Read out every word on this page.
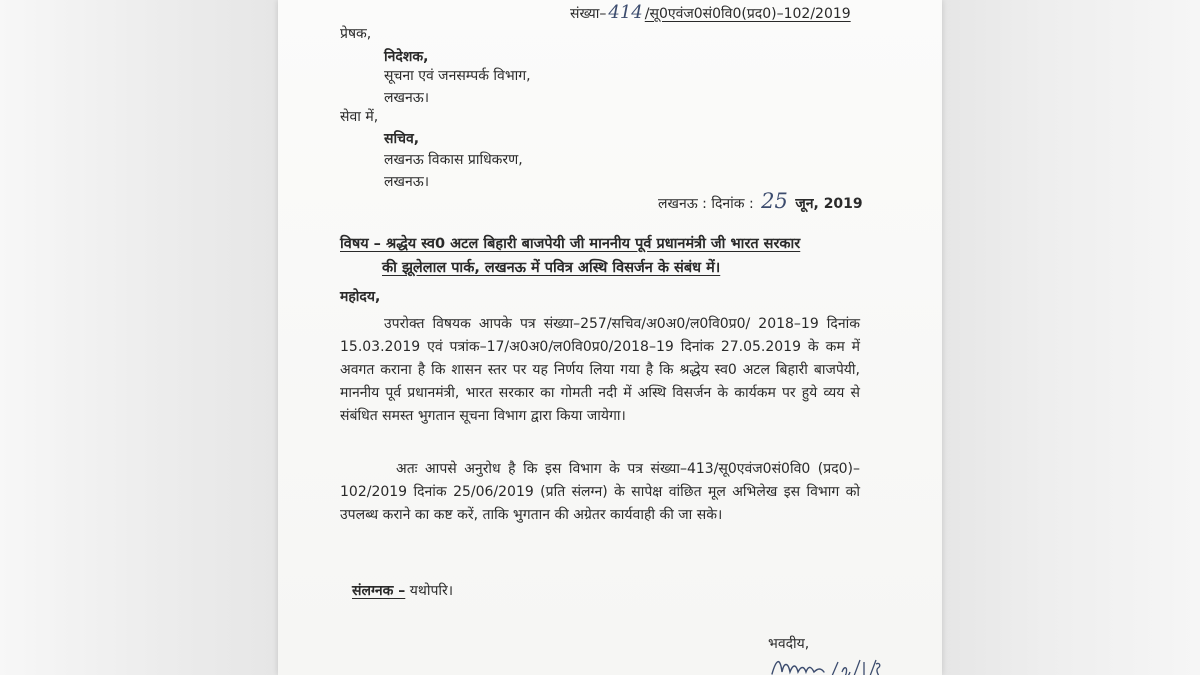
संख्या– 414 /सू0एवंज0सं0वि0(प्रद0)–102/2019
प्रेषक,
निदेशक,
सूचना एवं जनसम्पर्क विभाग,
लखनऊ।
सेवा में,
सचिव,
लखनऊ विकास प्राधिकरण,
लखनऊ।
लखनऊ : दिनांक : 25 जून, 2019
विषय – श्रद्धेय स्व0 अटल बिहारी बाजपेयी जी माननीय पूर्व प्रधानमंत्री जी भारत सरकार
की झूलेलाल पार्क, लखनऊ में पवित्र अस्थि विसर्जन के संबंध में।
महोदय,
उपरोक्त विषयक आपके पत्र संख्या–257/सचिव/अ0अ0/ल0वि0प्र0/ 2018–19 दिनांक 15.03.2019 एवं पत्रांक–17/अ0अ0/ल0वि0प्र0/2018–19 दिनांक 27.05.2019 के कम में अवगत कराना है कि शासन स्तर पर यह निर्णय लिया गया है कि श्रद्धेय स्व0 अटल बिहारी बाजपेयी, माननीय पूर्व प्रधानमंत्री, भारत सरकार का गोमती नदी में अस्थि विसर्जन के कार्यकम पर हुये व्यय से संबंधित समस्त भुगतान सूचना विभाग द्वारा किया जायेगा।
अतः आपसे अनुरोध है कि इस विभाग के पत्र संख्या–413/सू0एवंज0सं0वि0 (प्रद0)–102/2019 दिनांक 25/06/2019 (प्रति संलग्न) के सापेक्ष वांछित मूल अभिलेख इस विभाग को उपलब्ध कराने का कष्ट करें, ताकि भुगतान की अग्रेतर कार्यवाही की जा सके।
संलग्नक – यथोपरि।
भवदीय,
